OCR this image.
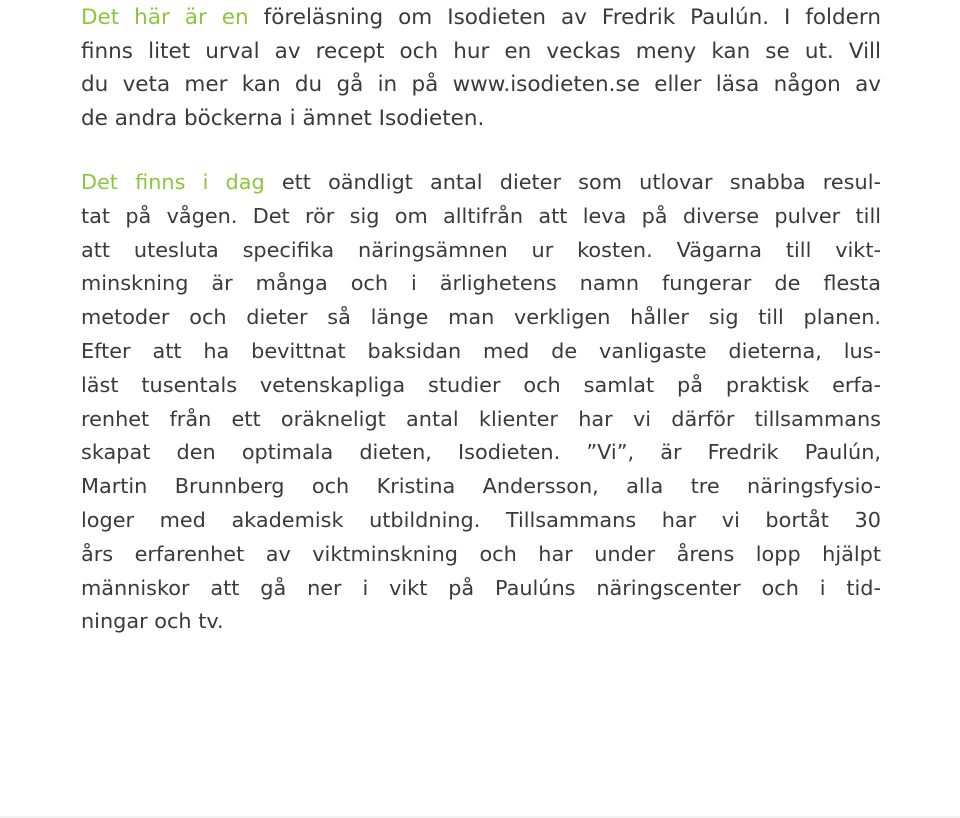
Det här är en föreläsning om Isodieten av Fredrik Paulún. I foldern
finns litet urval av recept och hur en veckas meny kan se ut. Vill
du veta mer kan du gå in på www.isodieten.se eller läsa någon av
de andra böckerna i ämnet Isodieten.
Det finns i dag ett oändligt antal dieter som utlovar snabba resul-
tat på vågen. Det rör sig om alltifrån att leva på diverse pulver till
att utesluta specifika näringsämnen ur kosten. Vägarna till vikt-
minskning är många och i ärlighetens namn fungerar de flesta
metoder och dieter så länge man verkligen håller sig till planen.
Efter att ha bevittnat baksidan med de vanligaste dieterna, lus-
läst tusentals vetenskapliga studier och samlat på praktisk erfa-
renhet från ett oräkneligt antal klienter har vi därför tillsammans
skapat den optimala dieten, Isodieten. ”Vi”, är Fredrik Paulún,
Martin Brunnberg och Kristina Andersson, alla tre näringsfysio-
loger med akademisk utbildning. Tillsammans har vi bortåt 30
års erfarenhet av viktminskning och har under årens lopp hjälpt
människor att gå ner i vikt på Paulúns näringscenter och i tid-
ningar och tv.
